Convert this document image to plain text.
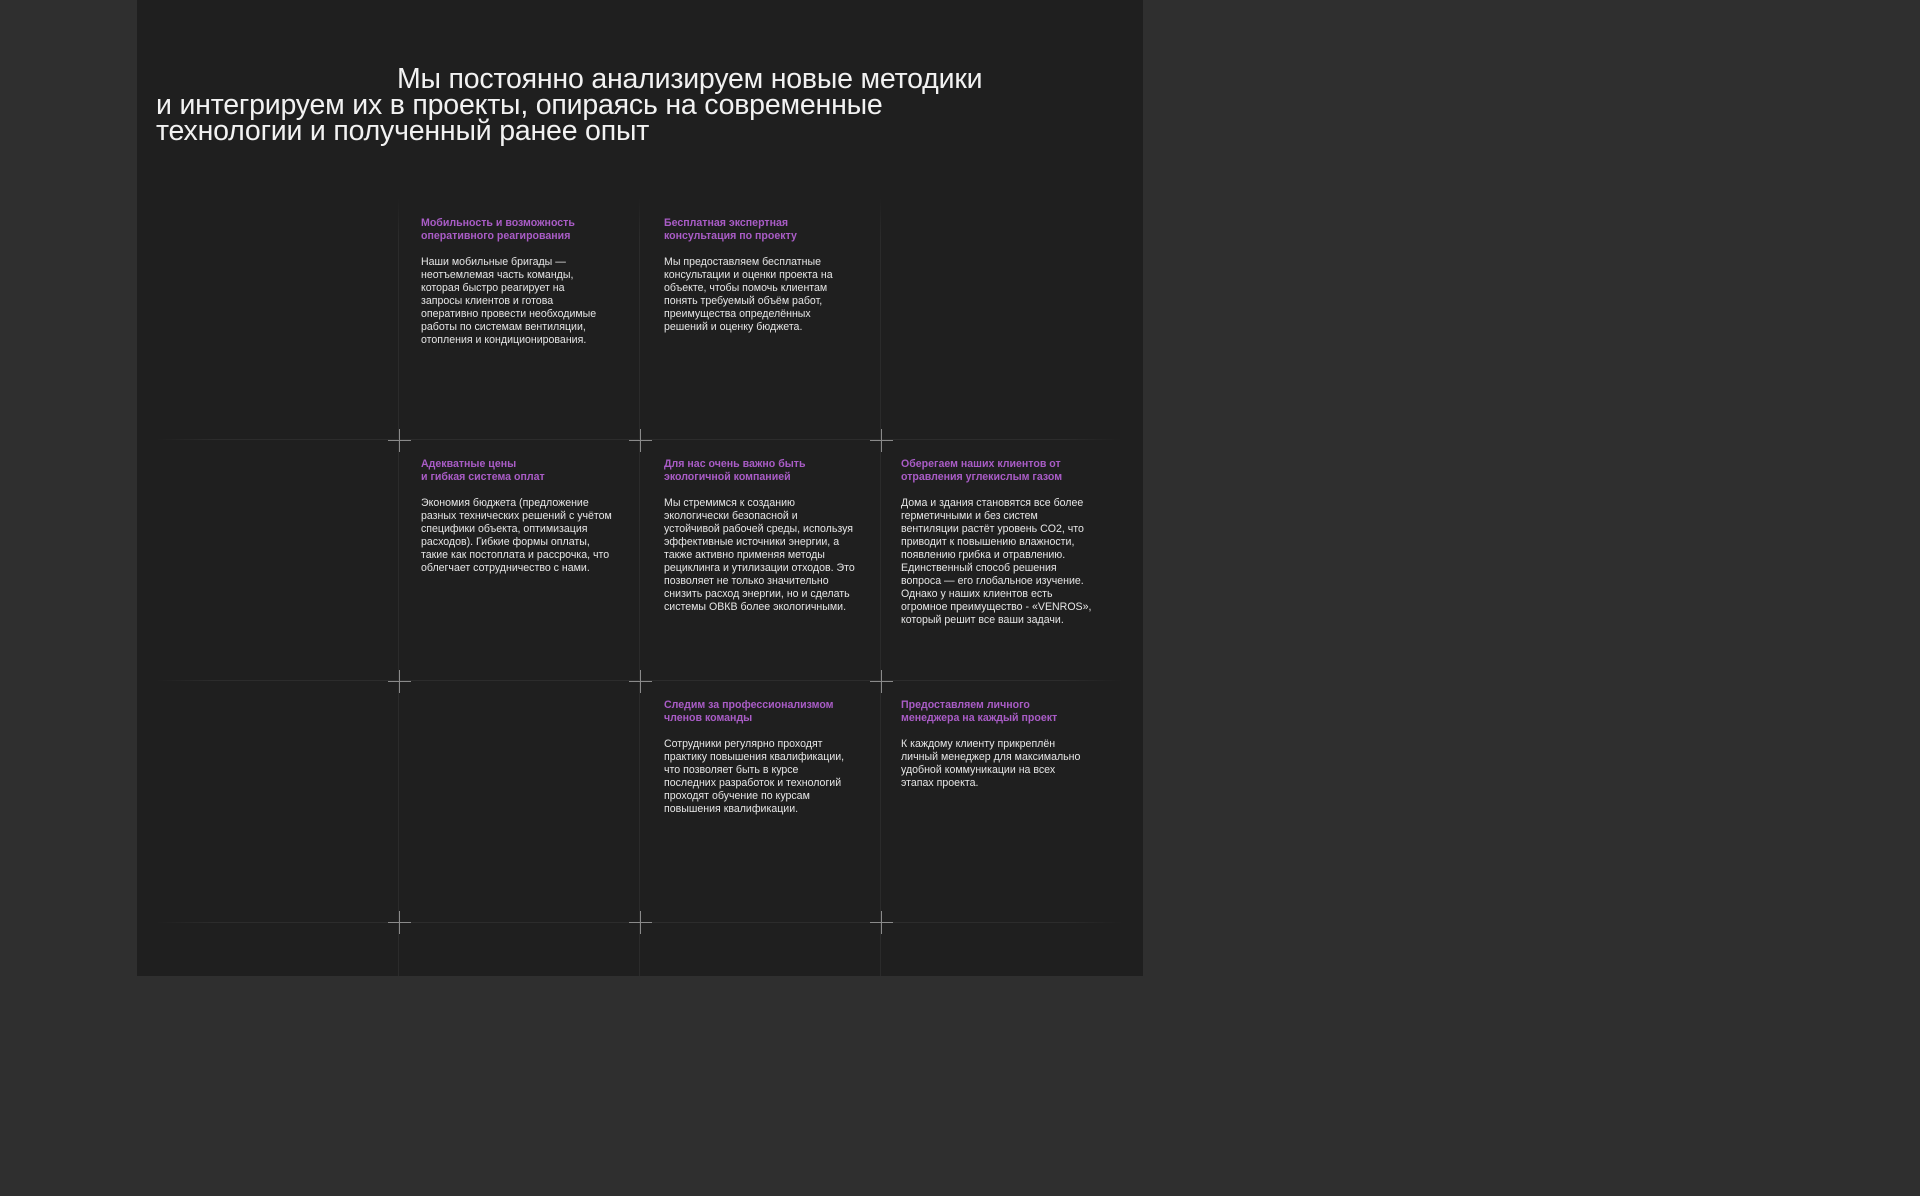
Мы постоянно анализируем новые методики
и интегрируем их в проекты, опираясь на современные
технологии и полученный ранее опыт

Мобильность и возможность
оперативного реагирования

Наши мобильные бригады —
неотъемлемая часть команды,
которая быстро реагирует на
запросы клиентов и готова
оперативно провести необходимые
работы по системам вентиляции,
отопления и кондиционирования.

Бесплатная экспертная
консультация по проекту

Мы предоставляем бесплатные
консультации и оценки проекта на
объекте, чтобы помочь клиентам
понять требуемый объём работ,
преимущества определённых
решений и оценку бюджета.

Адекватные цены
и гибкая система оплат

Экономия бюджета (предложение
разных технических решений с учётом
специфики объекта, оптимизация
расходов). Гибкие формы оплаты,
такие как постоплата и рассрочка, что
облегчает сотрудничество с нами.

Для нас очень важно быть
экологичной компанией

Мы стремимся к созданию
экологически безопасной и
устойчивой рабочей среды, используя
эффективные источники энергии, а
также активно применяя методы
рециклинга и утилизации отходов. Это
позволяет не только значительно
снизить расход энергии, но и сделать
системы ОВКВ более экологичными.

Оберегаем наших клиентов от
отравления углекислым газом

Дома и здания становятся все более
герметичными и без систем
вентиляции растёт уровень CO2, что
приводит к повышению влажности,
появлению грибка и отравлению.
Единственный способ решения
вопроса — его глобальное изучение.
Однако у наших клиентов есть
огромное преимущество - «VENROS»,
который решит все ваши задачи.

Следим за профессионализмом
членов команды

Сотрудники регулярно проходят
практику повышения квалификации,
что позволяет быть в курсе
последних разработок и технологий
проходят обучение по курсам
повышения квалификации.

Предоставляем личного
менеджера на каждый проект

К каждому клиенту прикреплён
личный менеджер для максимально
удобной коммуникации на всех
этапах проекта.
